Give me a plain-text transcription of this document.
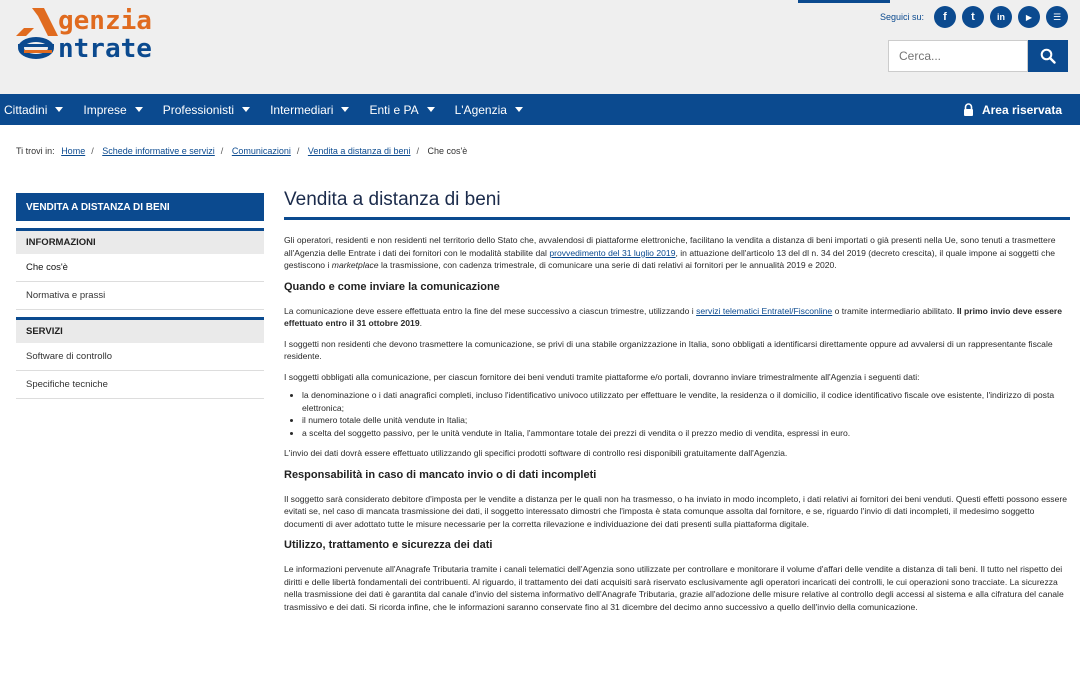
genzia
ntrate
Seguici su:	f	t	in	▶	☰
Cerca...
Cittadini	Imprese	Professionisti	Intermediari	Enti e PA	L'Agenzia	Area riservata
Ti trovi in: Home / Schede informative e servizi / Comunicazioni / Vendita a distanza di beni / Che cos'è
VENDITA A DISTANZA DI BENI
INFORMAZIONI
Che cos'è
Normativa e prassi
SERVIZI
Software di controllo
Specifiche tecniche
Vendita a distanza di beni

Gli operatori, residenti e non residenti nel territorio dello Stato che, avvalendosi di piattaforme elettroniche, facilitano la vendita a distanza di beni importati o già presenti nella Ue, sono tenuti a trasmettere all'Agenzia delle Entrate i dati dei fornitori con le modalità stabilite dal provvedimento del 31 luglio 2019, in attuazione dell'articolo 13 del dl n. 34 del 2019 (decreto crescita), il quale impone ai soggetti che gestiscono i marketplace la trasmissione, con cadenza trimestrale, di comunicare una serie di dati relativi ai fornitori per le annualità 2019 e 2020.

Quando e come inviare la comunicazione

La comunicazione deve essere effettuata entro la fine del mese successivo a ciascun trimestre, utilizzando i servizi telematici Entratel/Fisconline o tramite intermediario abilitato. Il primo invio deve essere effettuato entro il 31 ottobre 2019.

I soggetti non residenti che devono trasmettere la comunicazione, se privi di una stabile organizzazione in Italia, sono obbligati a identificarsi direttamente oppure ad avvalersi di un rappresentante fiscale residente.

I soggetti obbligati alla comunicazione, per ciascun fornitore dei beni venduti tramite piattaforme e/o portali, dovranno inviare trimestralmente all'Agenzia i seguenti dati:

• la denominazione o i dati anagrafici completi, incluso l'identificativo univoco utilizzato per effettuare le vendite, la residenza o il domicilio, il codice identificativo fiscale ove esistente, l'indirizzo di posta elettronica;
• il numero totale delle unità vendute in Italia;
• a scelta del soggetto passivo, per le unità vendute in Italia, l'ammontare totale dei prezzi di vendita o il prezzo medio di vendita, espressi in euro.

L'invio dei dati dovrà essere effettuato utilizzando gli specifici prodotti software di controllo resi disponibili gratuitamente dall'Agenzia.

Responsabilità in caso di mancato invio o di dati incompleti

Il soggetto sarà considerato debitore d'imposta per le vendite a distanza per le quali non ha trasmesso, o ha inviato in modo incompleto, i dati relativi ai fornitori dei beni venduti. Questi effetti possono essere evitati se, nel caso di mancata trasmissione dei dati, il soggetto interessato dimostri che l'imposta è stata comunque assolta dal fornitore, e se, riguardo l'invio di dati incompleti, il medesimo soggetto documenti di aver adottato tutte le misure necessarie per la corretta rilevazione e individuazione dei dati presenti sulla piattaforma digitale.

Utilizzo, trattamento e sicurezza dei dati

Le informazioni pervenute all'Anagrafe Tributaria tramite i canali telematici dell'Agenzia sono utilizzate per controllare e monitorare il volume d'affari delle vendite a distanza di tali beni. Il tutto nel rispetto dei diritti e delle libertà fondamentali dei contribuenti. Al riguardo, il trattamento dei dati acquisiti sarà riservato esclusivamente agli operatori incaricati dei controlli, le cui operazioni sono tracciate. La sicurezza nella trasmissione dei dati è garantita dal canale d'invio del sistema informativo dell'Anagrafe Tributaria, grazie all'adozione delle misure relative al controllo degli accessi al sistema e alla cifratura del canale trasmissivo e dei dati. Si ricorda infine, che le informazioni saranno conservate fino al 31 dicembre del decimo anno successivo a quello dell'invio della comunicazione.
